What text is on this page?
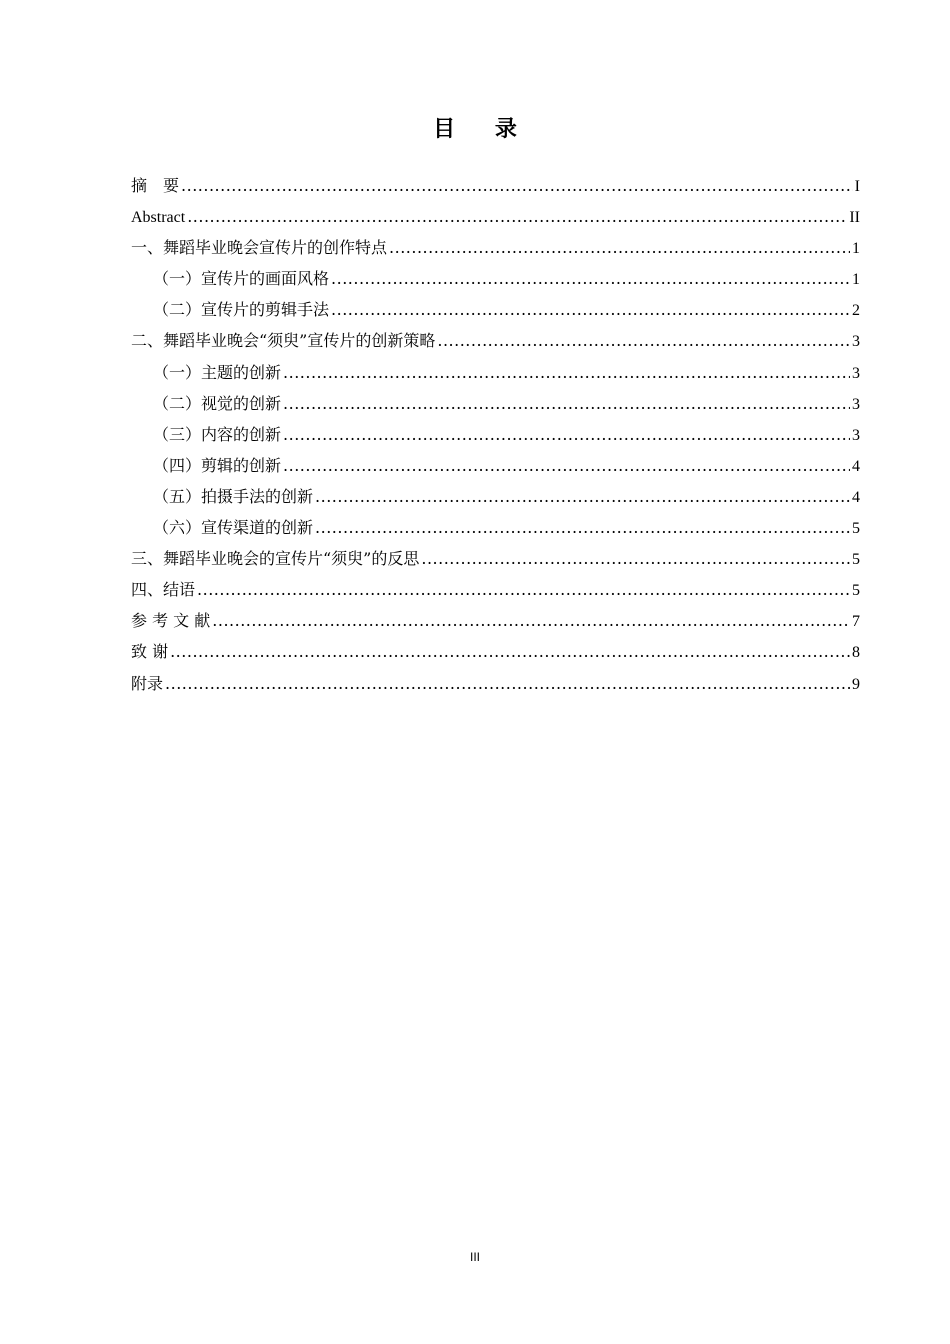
目 录
摘　要 .....	I
Abstract .....	II
一、舞蹈毕业晚会宣传片的创作特点 .....	1
（一）宣传片的画面风格 .....	1
（二）宣传片的剪辑手法 .....	2
二、舞蹈毕业晚会“须臾”宣传片的创新策略 .....	3
（一）主题的创新 .....	3
（二）视觉的创新 .....	3
（三）内容的创新 .....	3
（四）剪辑的创新 .....	4
（五）拍摄手法的创新 .....	4
（六）宣传渠道的创新 .....	5
三、舞蹈毕业晚会的宣传片“须臾”的反思 .....	5
四、结语 .....	5
参 考 文 献 .....	7
致 谢 .....	8
附录 .....	9
III
